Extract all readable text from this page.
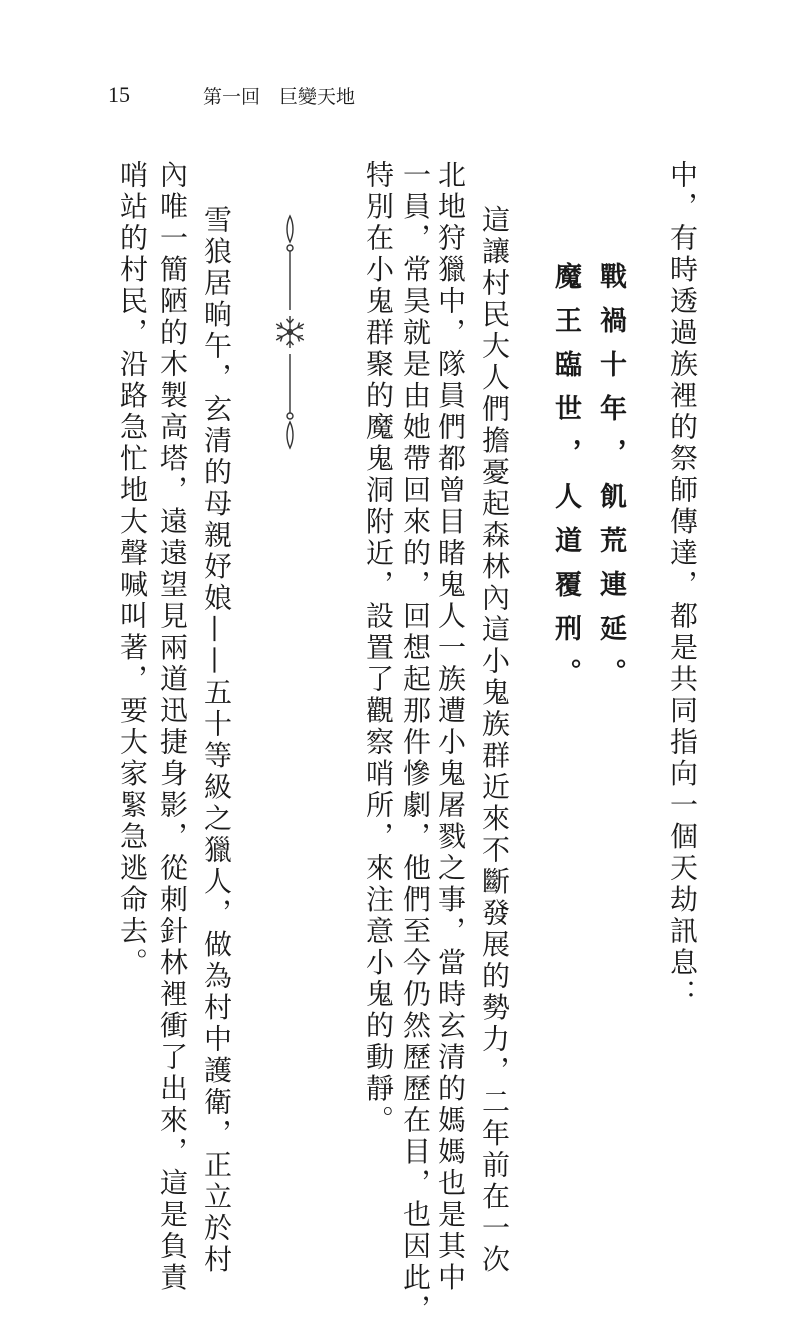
15	第一回　巨變天地
中，有時透過族裡的祭師傳達，都是共同指向一個天劫訊息：
戰禍十年，飢荒連延。
魔王臨世，人道覆刑。
這讓村民大人們擔憂起森林內這小鬼族群近來不斷發展的勢力，二年前在一次
北地狩獵中，隊員們都曾目睹鬼人一族遭小鬼屠戮之事，當時玄清的媽媽也是其中
一員，常昊就是由她帶回來的，回想起那件慘劇，他們至今仍然歷歷在目，也因此，
特別在小鬼群聚的魔鬼洞附近，設置了觀察哨所，來注意小鬼的動靜。
雪狼居晌午，玄清的母親妤娘——五十等級之獵人，做為村中護衛，正立於村
內唯一簡陋的木製高塔，遠遠望見兩道迅捷身影，從刺針林裡衝了出來，這是負責
哨站的村民，沿路急忙地大聲喊叫著，要大家緊急逃命去。
